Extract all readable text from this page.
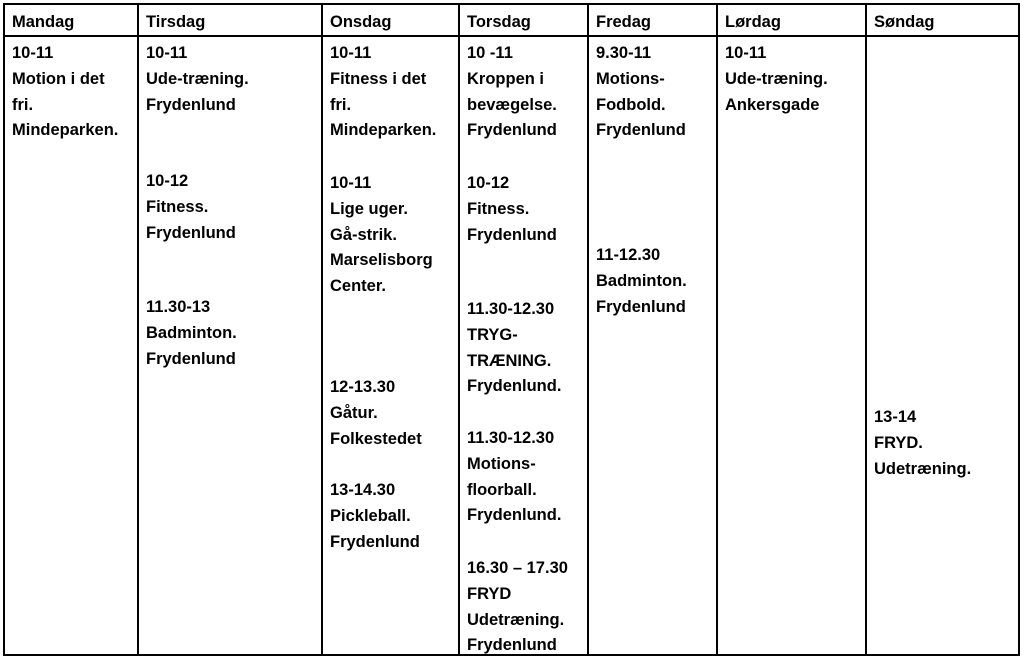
Mandag
10-11
Motion i det
fri.
Mindeparken.
Tirsdag
10-11
Ude-træning.
Frydenlund
10-12
Fitness.
Frydenlund
11.30-13
Badminton.
Frydenlund
Onsdag
10-11
Fitness i det
fri.
Mindeparken.
10-11
Lige uger.
Gå-strik.
Marselisborg
Center.
12-13.30
Gåtur.
Folkestedet
13-14.30
Pickleball.
Frydenlund
Torsdag
10 -11
Kroppen i
bevægelse.
Frydenlund
10-12
Fitness.
Frydenlund
11.30-12.30
TRYG-
TRÆNING.
Frydenlund.
11.30-12.30
Motions-
floorball.
Frydenlund.
16.30 – 17.30
FRYD
Udetræning.
Frydenlund
Fredag
9.30-11
Motions-
Fodbold.
Frydenlund
11-12.30
Badminton.
Frydenlund
Lørdag
10-11
Ude-træning.
Ankersgade
Søndag
13-14
FRYD.
Udetræning.
